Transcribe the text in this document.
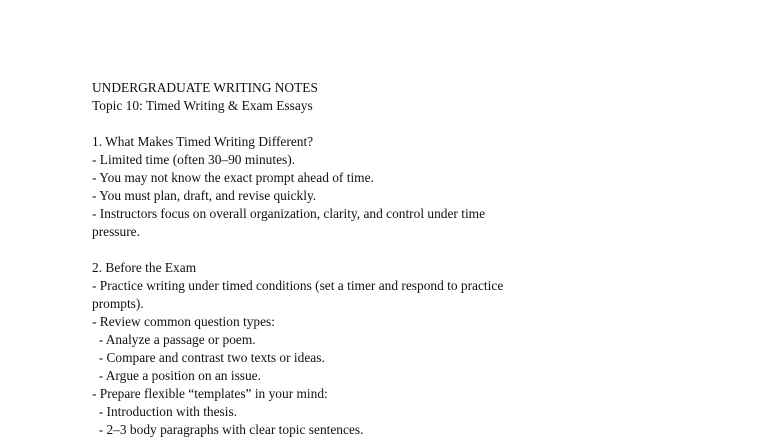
UNDERGRADUATE WRITING NOTES
Topic 10: Timed Writing & Exam Essays
1. What Makes Timed Writing Different?
- Limited time (often 30–90 minutes).
- You may not know the exact prompt ahead of time.
- You must plan, draft, and revise quickly.
- Instructors focus on overall organization, clarity, and control under time
pressure.
2. Before the Exam
- Practice writing under timed conditions (set a timer and respond to practice
prompts).
- Review common question types:
- Analyze a passage or poem.
- Compare and contrast two texts or ideas.
- Argue a position on an issue.
- Prepare flexible “templates” in your mind:
- Introduction with thesis.
- 2–3 body paragraphs with clear topic sentences.
